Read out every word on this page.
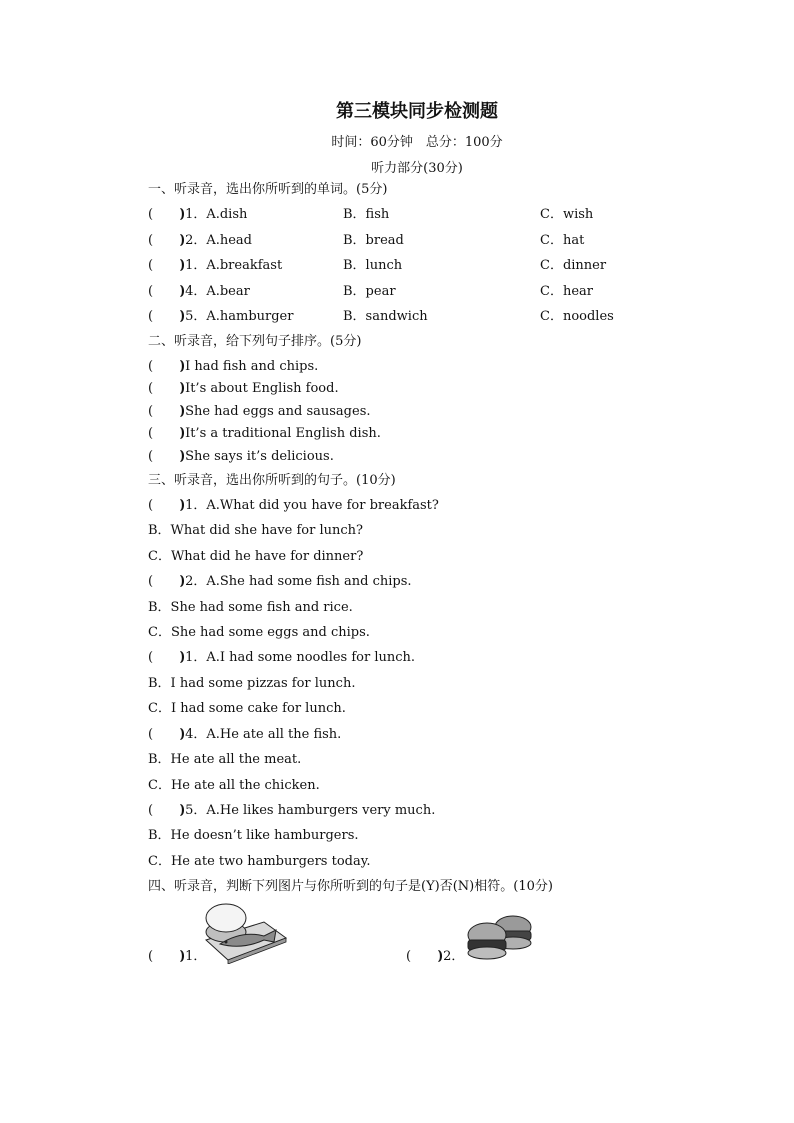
第三模块同步检测题
时间：60分钟　总分：100分
听力部分(30分)
一、听录音，选出你所听到的单词。(5分)
(　　))1．A.dish	B．fish	C．wish
(　　))2．A.head	B．bread	C．hat
(　　))1．A.breakfast	B．lunch	C．dinner
(　　))4．A.bear	B．pear	C．hear
(　　))5．A.hamburger	B．sandwich	C．noodles
二、听录音，给下列句子排序。(5分)
(　　))I had fish and chips.
(　　))It’s about English food.
(　　))She had eggs and sausages.
(　　))It’s a traditional English dish.
(　　))She says it’s delicious.
三、听录音，选出你所听到的句子。(10分)
(　　))1．A.What did you have for breakfast?
B．What did she have for lunch?
C．What did he have for dinner?
(　　))2．A.She had some fish and chips.
B．She had some fish and rice.
C．She had some eggs and chips.
(　　))1．A.I had some noodles for lunch.
B．I had some pizzas for lunch.
C．I had some cake for lunch.
(　　))4．A.He ate all the fish.
B．He ate all the meat.
C．He ate all the chicken.
(　　))5．A.He likes hamburgers very much.
B．He doesn’t like hamburgers.
C．He ate two hamburgers today.
四、听录音，判断下列图片与你所听到的句子是(Y)否(N)相符。(10分)
(　　))1．	(　　))2．
